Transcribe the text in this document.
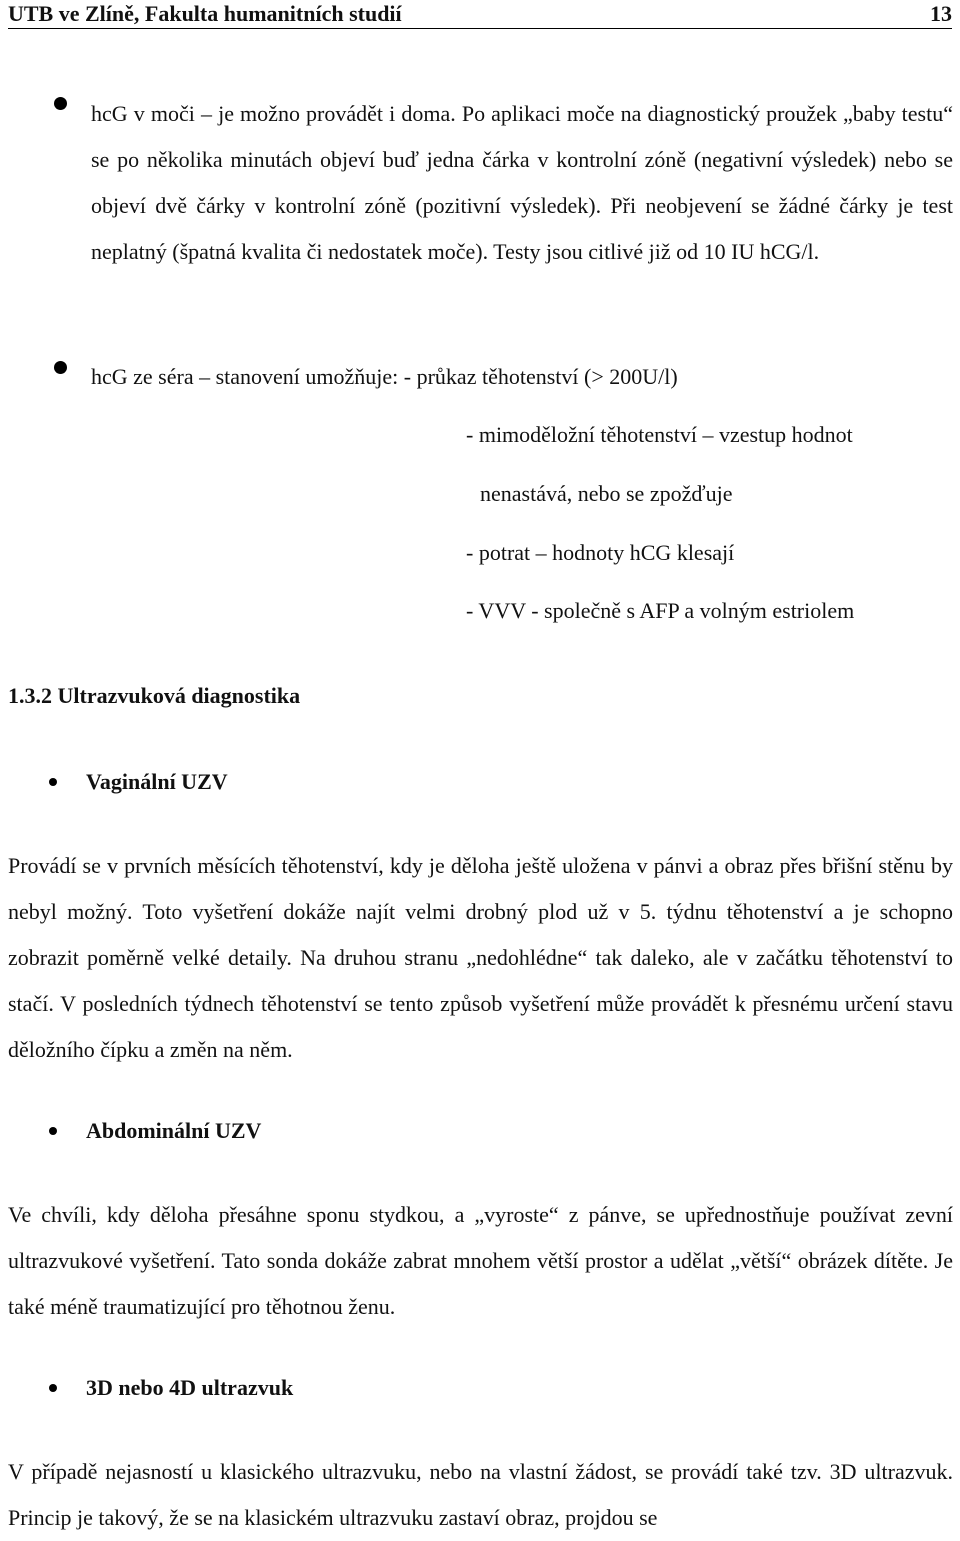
UTB ve Zlíně, Fakulta humanitních studií	13
hcG v moči – je možno provádět i doma. Po aplikaci moče na diagnostický proužek „baby testu“ se po několika minutách objeví buď jedna čárka v kontrolní zóně (negativní výsledek) nebo se objeví dvě čárky v kontrolní zóně (pozitivní výsledek). Při neobjevení se žádné čárky je test neplatný (špatná kvalita či nedostatek moče). Testy jsou citlivé již od 10 IU hCG/l.
hcG ze séra – stanovení umožňuje: - průkaz těhotenství (> 200U/l)
- mimoděložní těhotenství – vzestup hodnot
nenastává, nebo se zpožďuje
- potrat – hodnoty hCG klesají
- VVV - společně s AFP a volným estriolem
1.3.2 Ultrazvuková diagnostika
Vaginální UZV
Provádí se v prvních měsících těhotenství, kdy je děloha ještě uložena v pánvi a obraz přes břišní stěnu by nebyl možný. Toto vyšetření dokáže najít velmi drobný plod už v 5. týdnu těhotenství a je schopno zobrazit poměrně velké detaily. Na druhou stranu „nedohlédne“ tak daleko, ale v začátku těhotenství to stačí. V posledních týdnech těhotenství se tento způsob vyšetření může provádět k přesnému určení stavu děložního čípku a změn na něm.
Abdominální UZV
Ve chvíli, kdy děloha přesáhne sponu stydkou, a „vyroste“ z pánve, se upřednostňuje používat zevní ultrazvukové vyšetření. Tato sonda dokáže zabrat mnohem větší prostor a udělat „větší“ obrázek dítěte. Je také méně traumatizující pro těhotnou ženu.
3D nebo 4D ultrazvuk
V případě nejasností u klasického ultrazvuku, nebo na vlastní žádost, se provádí také tzv. 3D ultrazvuk. Princip je takový, že se na klasickém ultrazvuku zastaví obraz, projdou se
